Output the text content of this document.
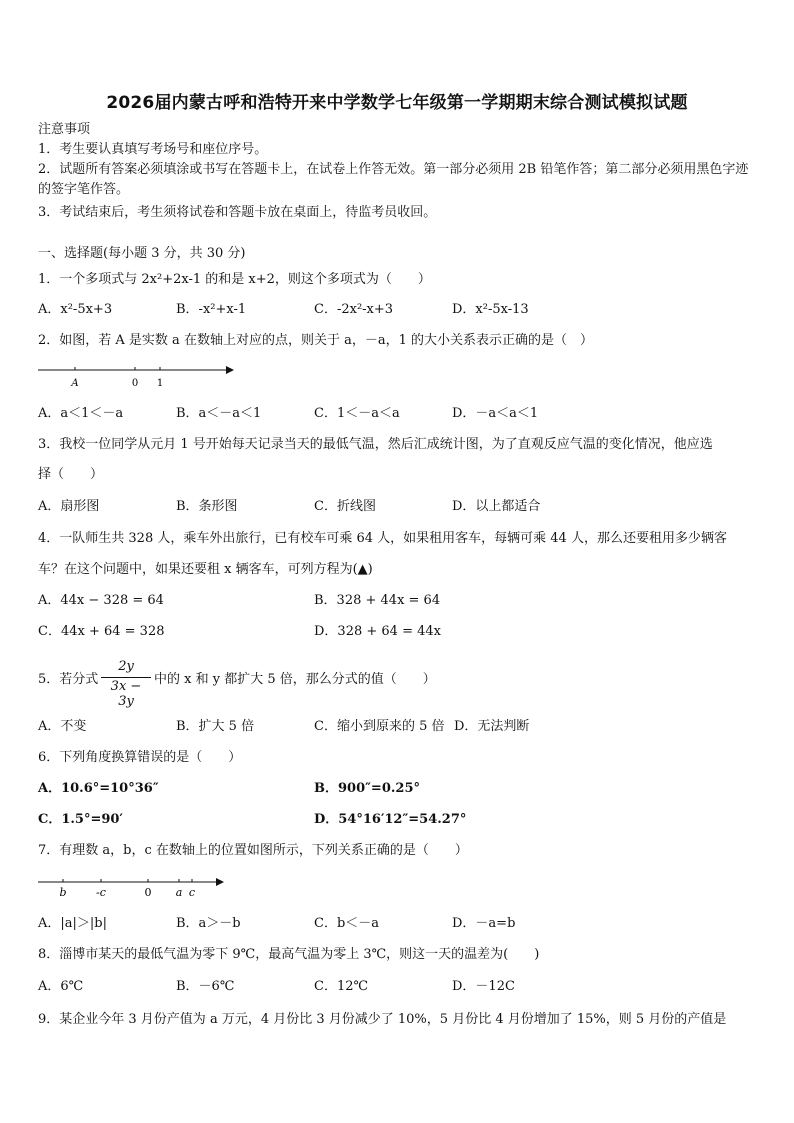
2026届内蒙古呼和浩特开来中学数学七年级第一学期期末综合测试模拟试题
注意事项
1．考生要认真填写考场号和座位序号。
2．试题所有答案必须填涂或书写在答题卡上，在试卷上作答无效。第一部分必须用 2B 铅笔作答；第二部分必须用黑色字迹的签字笔作答。
3．考试结束后，考生须将试卷和答题卡放在桌面上，待监考员收回。
一、选择题(每小题 3 分，共 30 分)
1．一个多项式与 2x²+2x-1 的和是 x+2，则这个多项式为（　　）
A．x²-5x+3	B．-x²+x-1	C．-2x²-x+3	D．x²-5x-13
2．如图，若 A 是实数 a 在数轴上对应的点，则关于 a，－a，1 的大小关系表示正确的是（　）
A	0 1
A．a＜1＜－a	B．a＜－a＜1	C．1＜－a＜a	D．－a＜a＜1
3．我校一位同学从元月 1 号开始每天记录当天的最低气温，然后汇成统计图，为了直观反应气温的变化情况，他应选
择（　　）
A．扇形图	B．条形图	C．折线图	D．以上都适合
4．一队师生共 328 人，乘车外出旅行，已有校车可乘 64 人，如果租用客车，每辆可乘 44 人，那么还要租用多少辆客
车？在这个问题中，如果还要租 x 辆客车，可列方程为(▲)
A．44x − 328 = 64	B．328 + 44x = 64
C．44x + 64 = 328	D．328 + 64 = 44x
5．若分式
2y
3x − 3y
中的 x 和 y 都扩大 5 倍，那么分式的值（　　）
A．不变	B．扩大 5 倍	C．缩小到原来的 5 倍 D．无法判断
6．下列角度换算错误的是（　　）
A．10.6°=10°36″	B．900″=0.25°
C．1.5°=90′	D．54°16′12″=54.27°
7．有理数 a，b，c 在数轴上的位置如图所示，下列关系正确的是（　　）
b	-c	0 a c
A．|a|＞|b|	B．a＞－b	C．b＜－a	D．－a=b
8．淄博市某天的最低气温为零下 9℃，最高气温为零上 3℃，则这一天的温差为(　　)
A．6℃	B．－6℃	C．12℃	D．－12C
9．某企业今年 3 月份产值为 a 万元，4 月份比 3 月份减少了 10%，5 月份比 4 月份增加了 15%，则 5 月份的产值是
